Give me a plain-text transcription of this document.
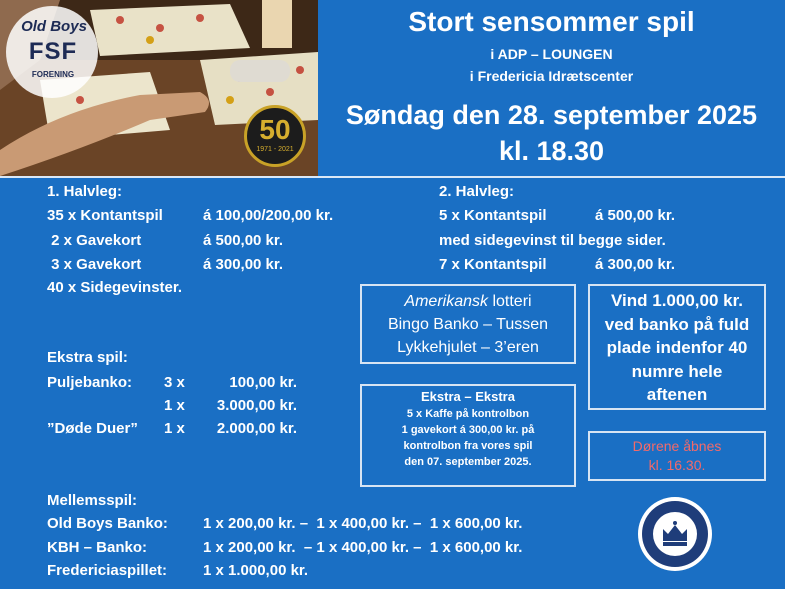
Old Boys
FSF
FORENING
50
1971 - 2021
Stort sensommer spil
i ADP – LOUNGEN
i Fredericia Idrætscenter
Søndag den 28. september 2025
kl. 18.30
1. Halvleg:
35 x Kontantspil	á 100,00/200,00 kr.
2 x Gavekort	á 500,00 kr.
3 x Gavekort	á 300,00 kr.
40 x Sidegevinster.
2. Halvleg:
5 x Kontantspil	á 500,00 kr.
med sidegevinst til begge sider.
7 x Kontantspil	á 300,00 kr.
Ekstra spil:
Puljebanko: 3 x	100,00 kr.
1 x	3.000,00 kr.
”Døde Duer” 1 x	2.000,00 kr.
Mellemsspil:
Old Boys Banko: 1 x 200,00 kr. –  1 x 400,00 kr. –  1 x 600,00 kr.
KBH – Banko:	1 x 200,00 kr.  – 1 x 400,00 kr. –  1 x 600,00 kr.
Fredericiaspillet: 1 x 1.000,00 kr.
Amerikansk lotteri
Bingo Banko – Tussen
Lykkehjulet – 3’eren
Ekstra – Ekstra
5 x Kaffe på kontrolbon
1 gavekort á 300,00 kr. på
kontrolbon fra vores spil
den 07. september 2025.
Vind 1.000,00 kr.
ved banko på fuld
plade indenfor 40
numre hele
aftenen
Dørene åbnes
kl. 16.30.
